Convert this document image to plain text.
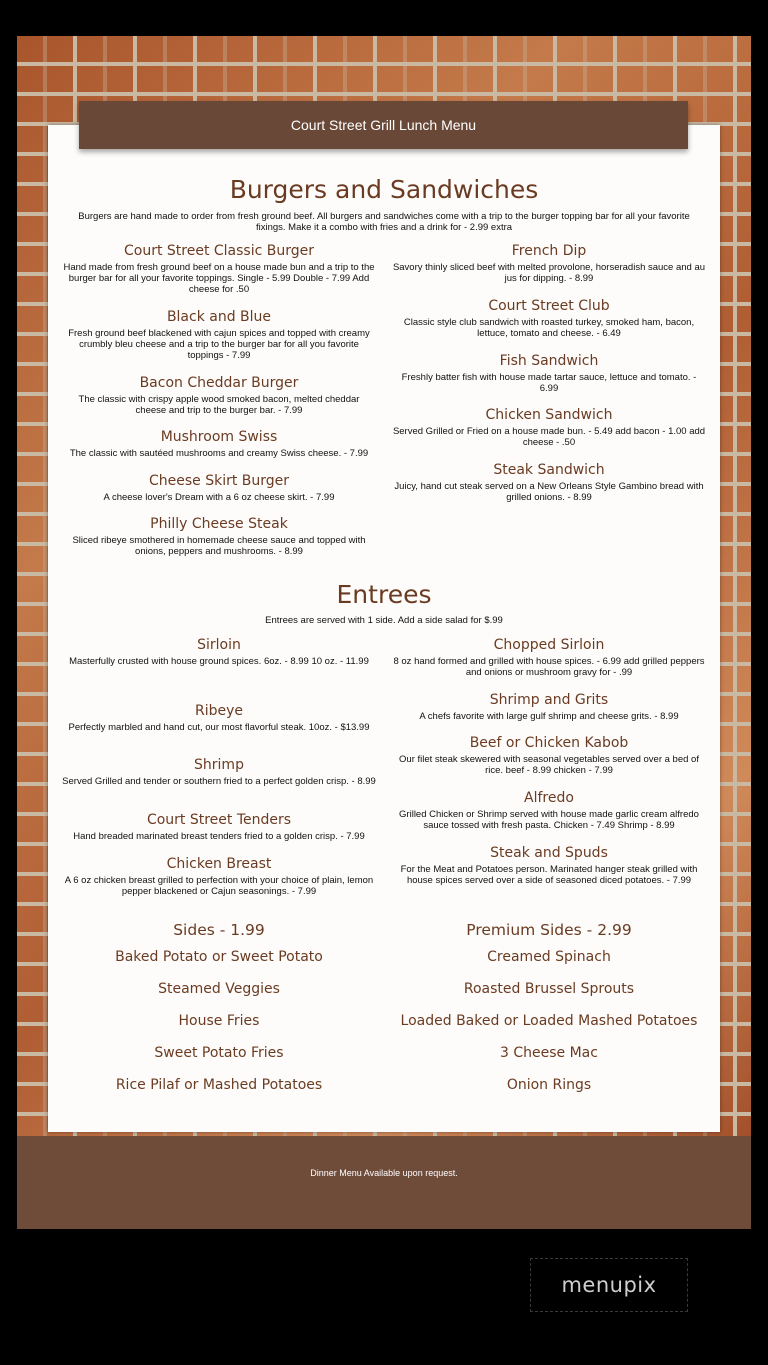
Court Street Grill Lunch Menu
Burgers and Sandwiches
Burgers are hand made to order from fresh ground beef. All burgers and sandwiches come with a trip to the burger topping bar for all your favorite fixings. Make it a combo with fries and a drink for - 2.99 extra
Court Street Classic Burger
Hand made from fresh ground beef on a house made bun and a trip to the burger bar for all your favorite toppings. Single - 5.99 Double - 7.99 Add cheese for .50
Black and Blue
Fresh ground beef blackened with cajun spices and topped with creamy crumbly bleu cheese and a trip to the burger bar for all you favorite toppings - 7.99
Bacon Cheddar Burger
The classic with crispy apple wood smoked bacon, melted cheddar cheese and trip to the burger bar. - 7.99
Mushroom Swiss
The classic with sautéed mushrooms and creamy Swiss cheese. - 7.99
Cheese Skirt Burger
A cheese lover's Dream with a 6 oz cheese skirt. - 7.99
Philly Cheese Steak
Sliced ribeye smothered in homemade cheese sauce and topped with onions, peppers and mushrooms. - 8.99
French Dip
Savory thinly sliced beef with melted provolone, horseradish sauce and au jus for dipping. - 8.99
Court Street Club
Classic style club sandwich with roasted turkey, smoked ham, bacon, lettuce, tomato and cheese. - 6.49
Fish Sandwich
Freshly batter fish with house made tartar sauce, lettuce and tomato. - 6.99
Chicken Sandwich
Served Grilled or Fried on a house made bun. - 5.49 add bacon - 1.00 add cheese - .50
Steak Sandwich
Juicy, hand cut steak served on a New Orleans Style Gambino bread with grilled onions. - 8.99
Entrees
Entrees are served with 1 side. Add a side salad for $.99
Sirloin
Masterfully crusted with house ground spices. 6oz. - 8.99 10 oz. - 11.99
Ribeye
Perfectly marbled and hand cut, our most flavorful steak. 10oz. - $13.99
Shrimp
Served Grilled and tender or southern fried to a perfect golden crisp. - 8.99
Court Street Tenders
Hand breaded marinated breast tenders fried to a golden crisp. - 7.99
Chicken Breast
A 6 oz chicken breast grilled to perfection with your choice of plain, lemon pepper blackened or Cajun seasonings. - 7.99
Chopped Sirloin
8 oz hand formed and grilled with house spices. - 6.99 add grilled peppers and onions or mushroom gravy for - .99
Shrimp and Grits
A chefs favorite with large gulf shrimp and cheese grits. - 8.99
Beef or Chicken Kabob
Our filet steak skewered with seasonal vegetables served over a bed of rice. beef - 8.99 chicken - 7.99
Alfredo
Grilled Chicken or Shrimp served with house made garlic cream alfredo sauce tossed with fresh pasta. Chicken - 7.49 Shrimp - 8.99
Steak and Spuds
For the Meat and Potatoes person. Marinated hanger steak grilled with house spices served over a side of seasoned diced potatoes. - 7.99
Sides - 1.99
Baked Potato or Sweet Potato
Steamed Veggies
House Fries
Sweet Potato Fries
Rice Pilaf or Mashed Potatoes
Premium Sides - 2.99
Creamed Spinach
Roasted Brussel Sprouts
Loaded Baked or Loaded Mashed Potatoes
3 Cheese Mac
Onion Rings
Dinner Menu Available upon request.
menupix
